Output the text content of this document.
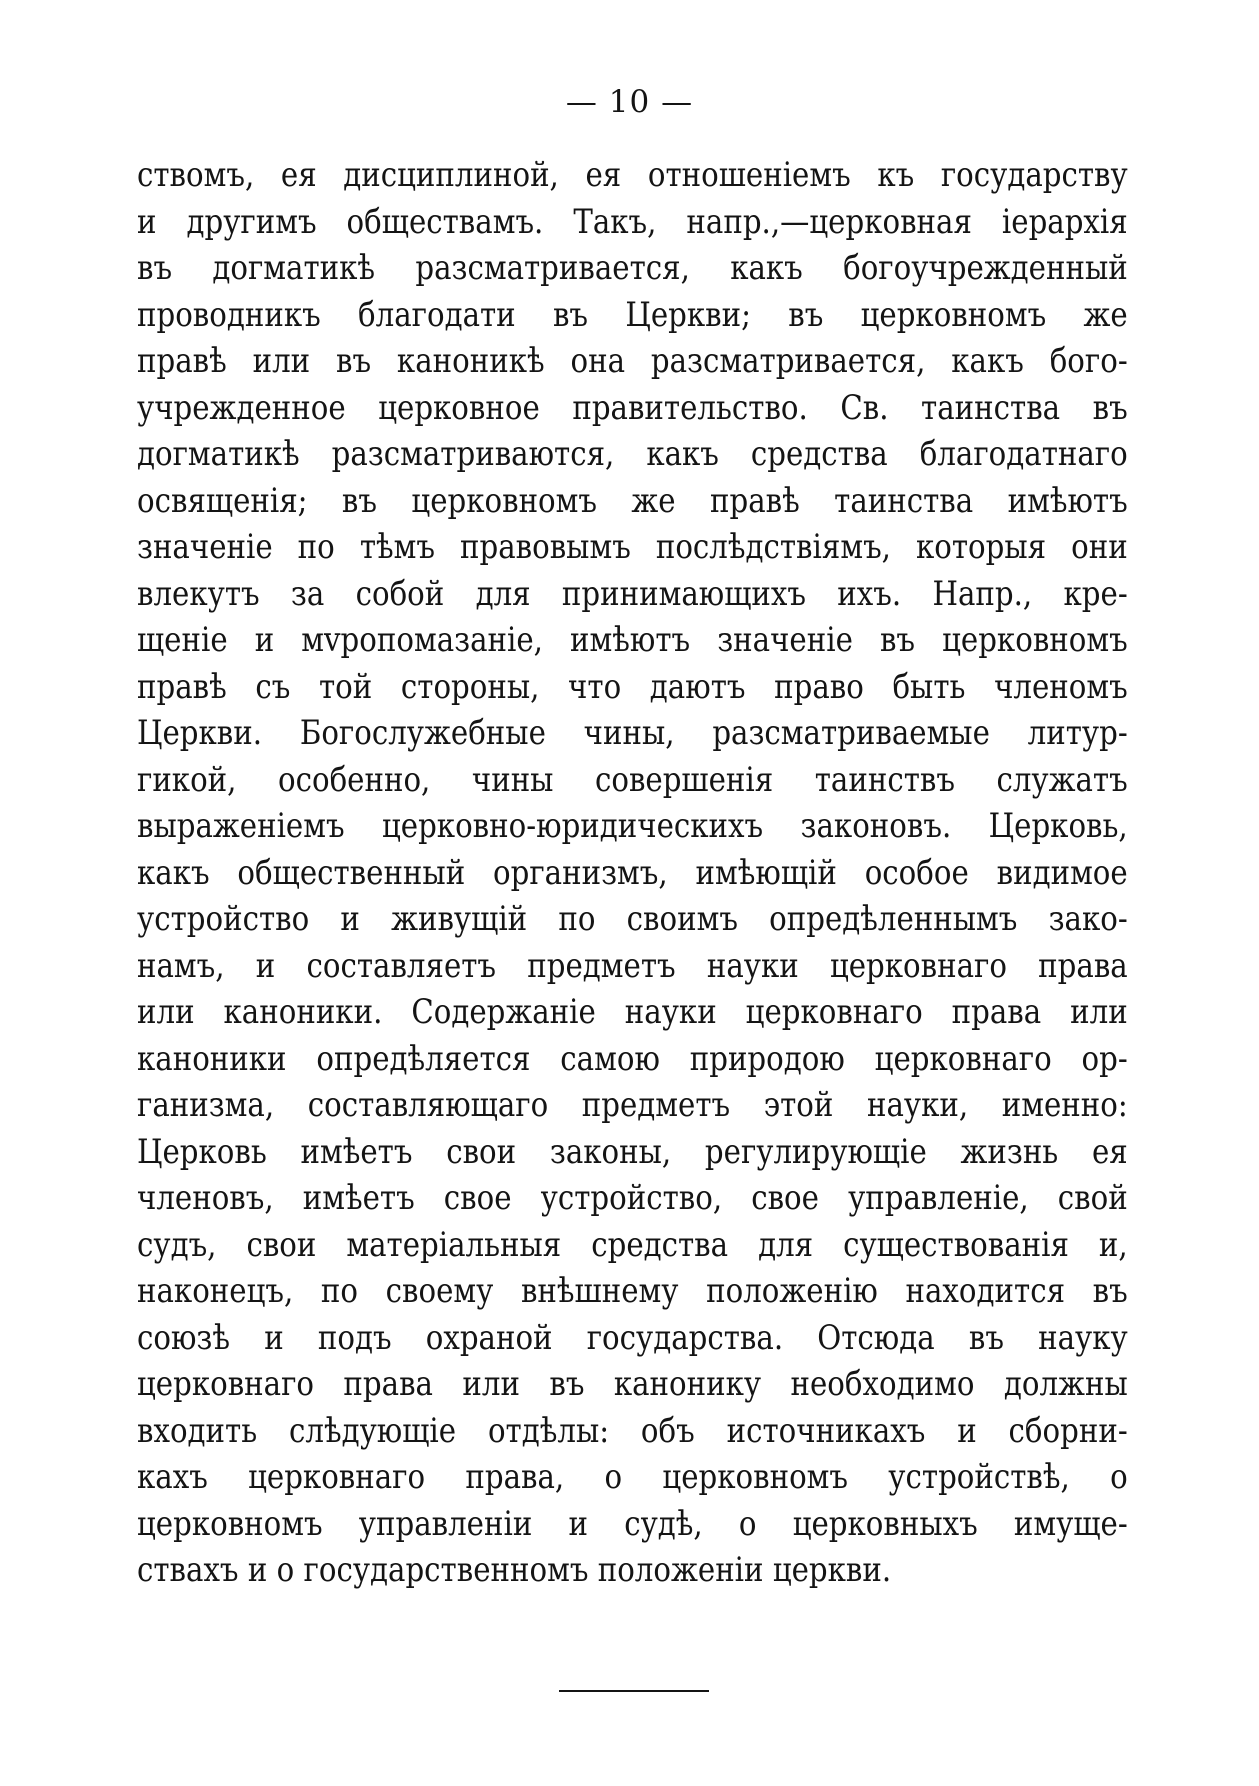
— 10 —
ствомъ, ея дисциплиной, ея отношенiемъ къ государству
и другимъ обществамъ. Такъ, напр.,—церковная iерархiя
въ догматикѣ разсматривается, какъ богоучрежденный
проводникъ благодати въ Церкви; въ церковномъ же
правѣ или въ каноникѣ она разсматривается, какъ бого-
учрежденное церковное правительство. Св. таинства въ
догматикѣ разсматриваются, какъ средства благодатнаго
освященiя; въ церковномъ же правѣ таинства имѣютъ
значенiе по тѣмъ правовымъ послѣдствiямъ, которыя они
влекутъ за собой для принимающихъ ихъ. Напр., кре-
щенiе и мvропомазанiе, имѣютъ значенiе въ церковномъ
правѣ съ той стороны, что даютъ право быть членомъ
Церкви. Богослужебные чины, разсматриваемые литур-
гикой, особенно, чины совершенiя таинствъ служатъ
выраженiемъ церковно-юридическихъ законовъ. Церковь,
какъ общественный организмъ, имѣющiй особое видимое
устройство и живущiй по своимъ опредѣленнымъ зако-
намъ, и составляетъ предметъ науки церковнаго права
или каноники. Содержанiе науки церковнаго права или
каноники опредѣляется самою природою церковнаго ор-
ганизма, составляющаго предметъ этой науки, именно:
Церковь имѣетъ свои законы, регулирующiе жизнь ея
членовъ, имѣетъ свое устройство, свое управленiе, свой
судъ, свои матерiальныя средства для существованiя и,
наконецъ, по своему внѣшнему положенiю находится въ
союзѣ и подъ охраной государства. Отсюда въ науку
церковнаго права или въ канонику необходимо должны
входить слѣдующiе отдѣлы: объ источникахъ и сборни-
кахъ церковнаго права, о церковномъ устройствѣ, о
церковномъ управленiи и судѣ, о церковныхъ имуще-
ствахъ и о государственномъ положенiи церкви.
